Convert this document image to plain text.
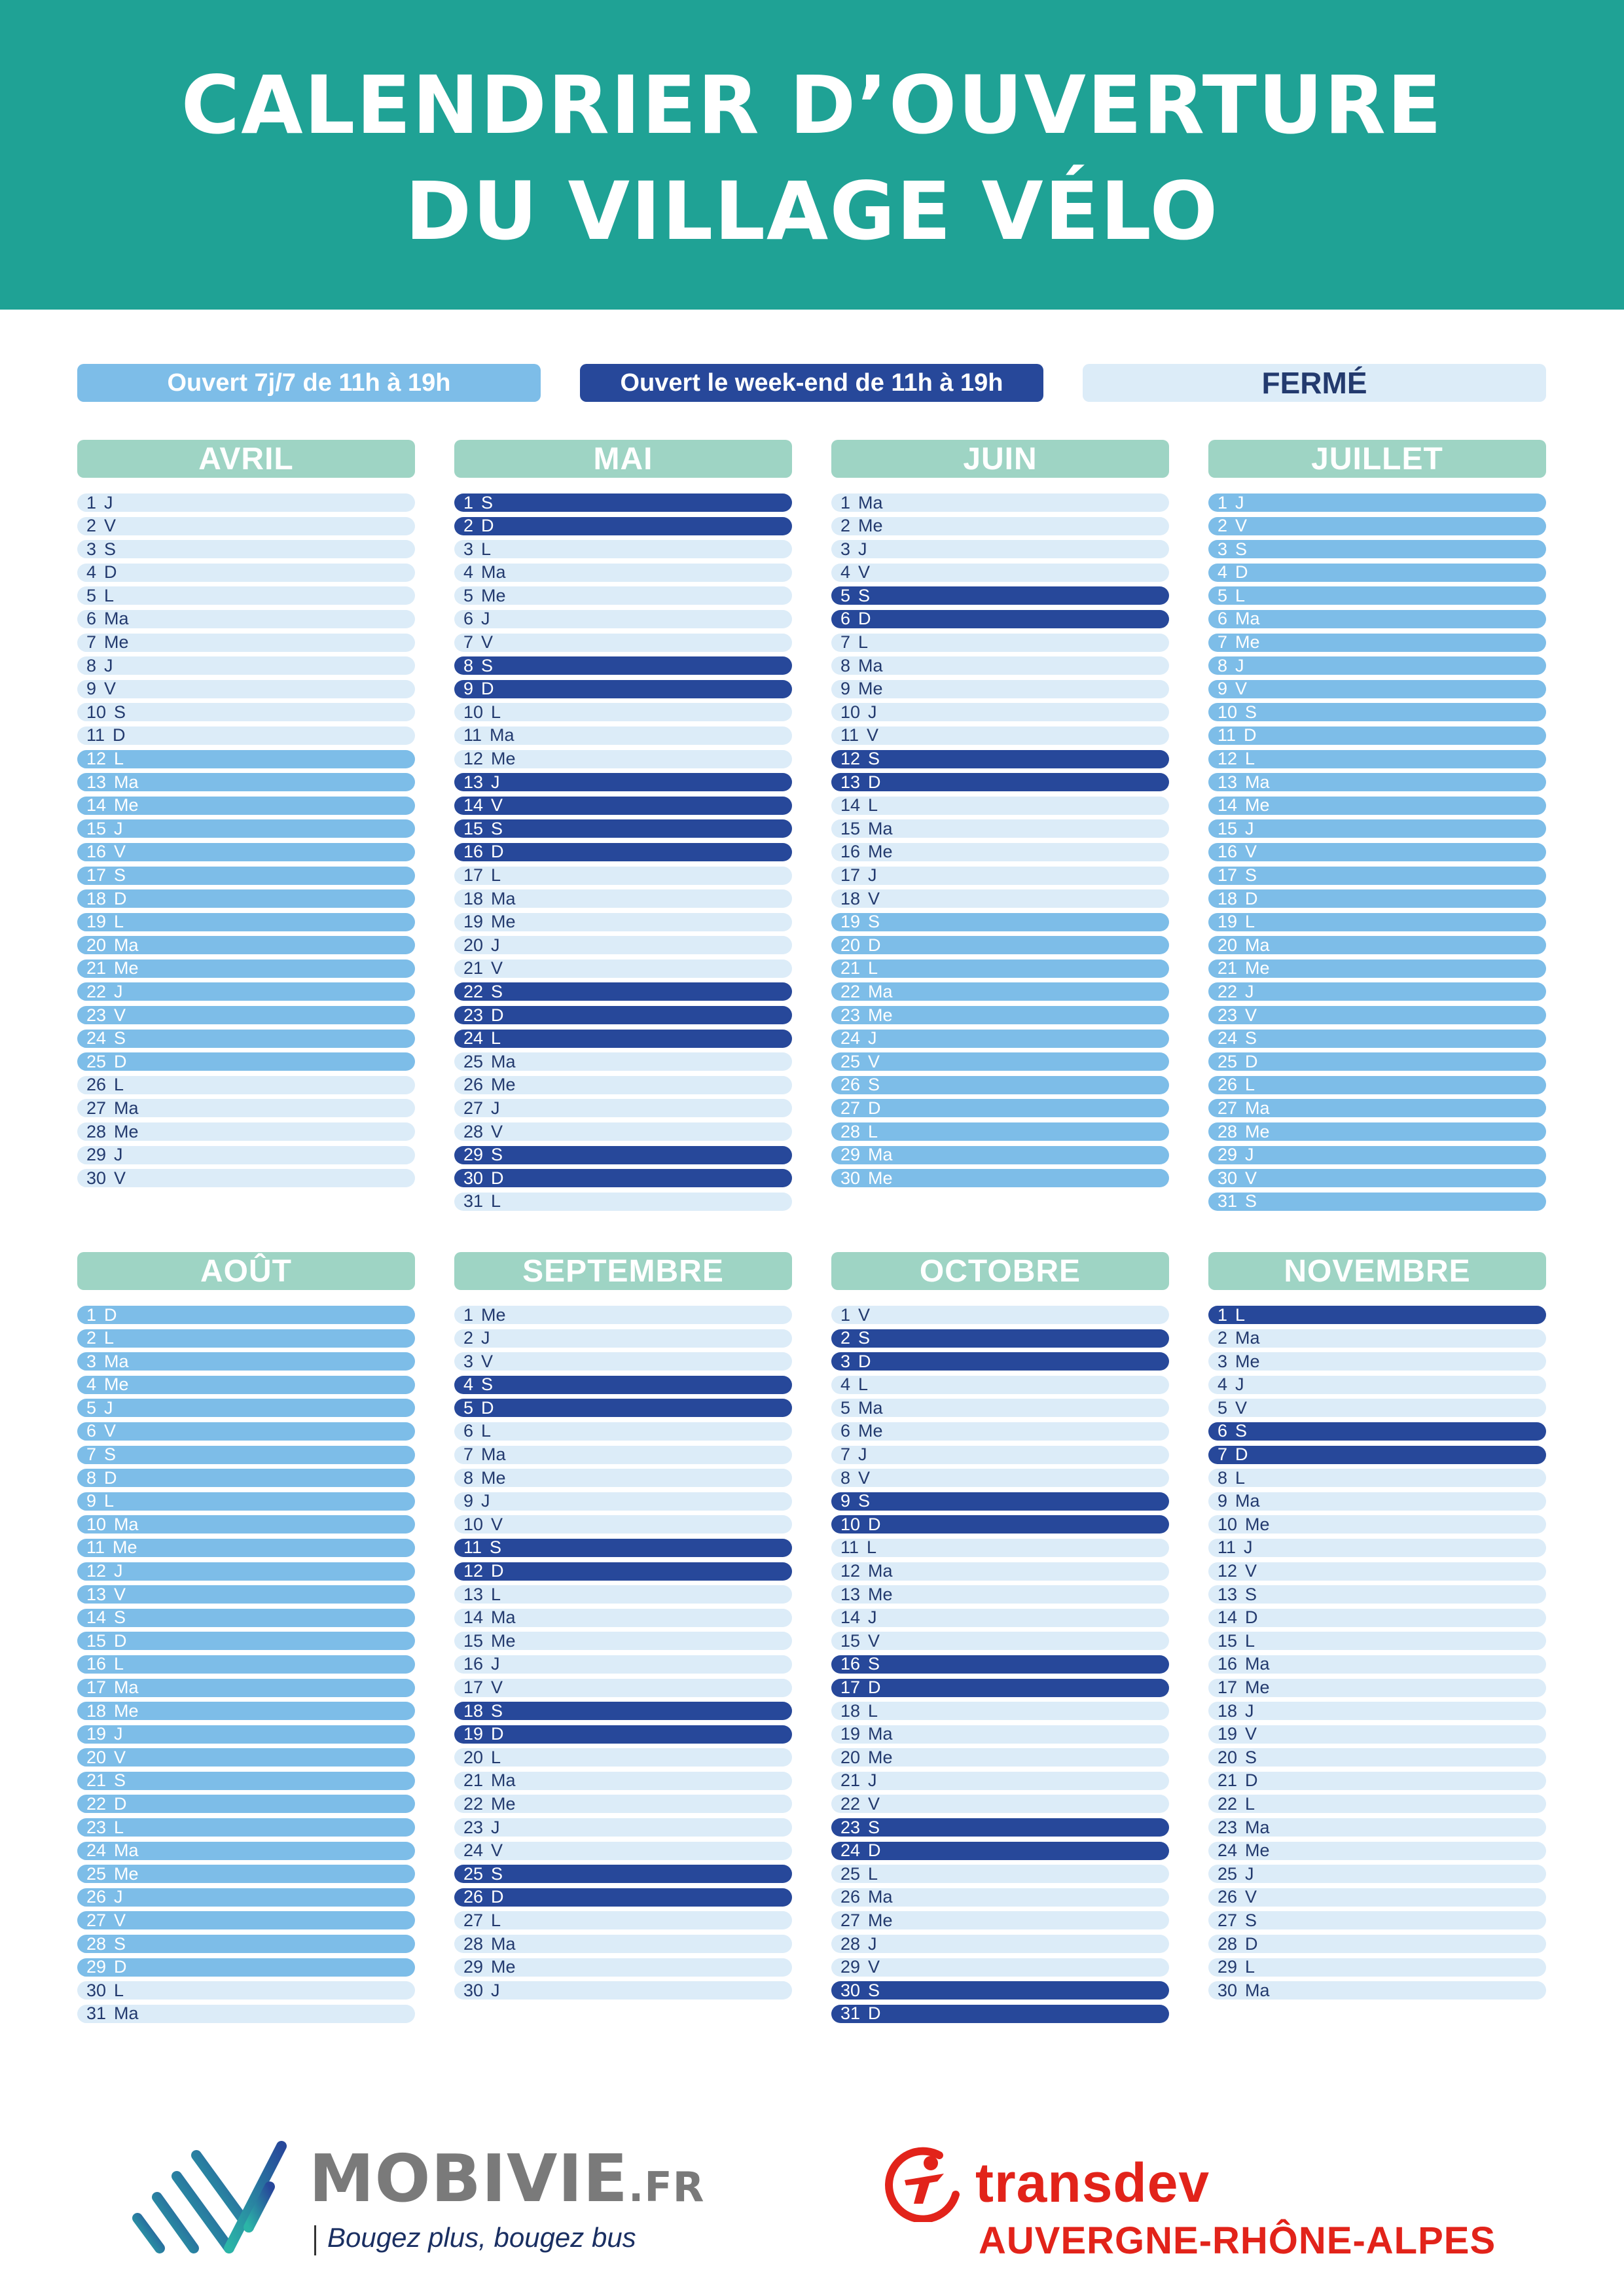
CALENDRIER D’OUVERTURE
DU VILLAGE VÉLO
Ouvert 7j/7 de 11h à 19h	Ouvert le week-end de 11h à 19h	FERMÉ
AVRIL
1 J
2 V
3 S
4 D
5 L
6 Ma
7 Me
8 J
9 V
10 S
11 D
12 L
13 Ma
14 Me
15 J
16 V
17 S
18 D
19 L
20 Ma
21 Me
22 J
23 V
24 S
25 D
26 L
27 Ma
28 Me
29 J
30 V
MAI
1 S
2 D
3 L
4 Ma
5 Me
6 J
7 V
8 S
9 D
10 L
11 Ma
12 Me
13 J
14 V
15 S
16 D
17 L
18 Ma
19 Me
20 J
21 V
22 S
23 D
24 L
25 Ma
26 Me
27 J
28 V
29 S
30 D
31 L
JUIN
1 Ma
2 Me
3 J
4 V
5 S
6 D
7 L
8 Ma
9 Me
10 J
11 V
12 S
13 D
14 L
15 Ma
16 Me
17 J
18 V
19 S
20 D
21 L
22 Ma
23 Me
24 J
25 V
26 S
27 D
28 L
29 Ma
30 Me
JUILLET
1 J
2 V
3 S
4 D
5 L
6 Ma
7 Me
8 J
9 V
10 S
11 D
12 L
13 Ma
14 Me
15 J
16 V
17 S
18 D
19 L
20 Ma
21 Me
22 J
23 V
24 S
25 D
26 L
27 Ma
28 Me
29 J
30 V
31 S
AOÛT
1 D
2 L
3 Ma
4 Me
5 J
6 V
7 S
8 D
9 L
10 Ma
11 Me
12 J
13 V
14 S
15 D
16 L
17 Ma
18 Me
19 J
20 V
21 S
22 D
23 L
24 Ma
25 Me
26 J
27 V
28 S
29 D
30 L
31 Ma
SEPTEMBRE
1 Me
2 J
3 V
4 S
5 D
6 L
7 Ma
8 Me
9 J
10 V
11 S
12 D
13 L
14 Ma
15 Me
16 J
17 V
18 S
19 D
20 L
21 Ma
22 Me
23 J
24 V
25 S
26 D
27 L
28 Ma
29 Me
30 J
OCTOBRE
1 V
2 S
3 D
4 L
5 Ma
6 Me
7 J
8 V
9 S
10 D
11 L
12 Ma
13 Me
14 J
15 V
16 S
17 D
18 L
19 Ma
20 Me
21 J
22 V
23 S
24 D
25 L
26 Ma
27 Me
28 J
29 V
30 S
31 D
NOVEMBRE
1 L
2 Ma
3 Me
4 J
5 V
6 S
7 D
8 L
9 Ma
10 Me
11 J
12 V
13 S
14 D
15 L
16 Ma
17 Me
18 J
19 V
20 S
21 D
22 L
23 Ma
24 Me
25 J
26 V
27 S
28 D
29 L
30 Ma
MOBIVIE.FR
Bougez plus, bougez bus
transdev
AUVERGNE-RHÔNE-ALPES
